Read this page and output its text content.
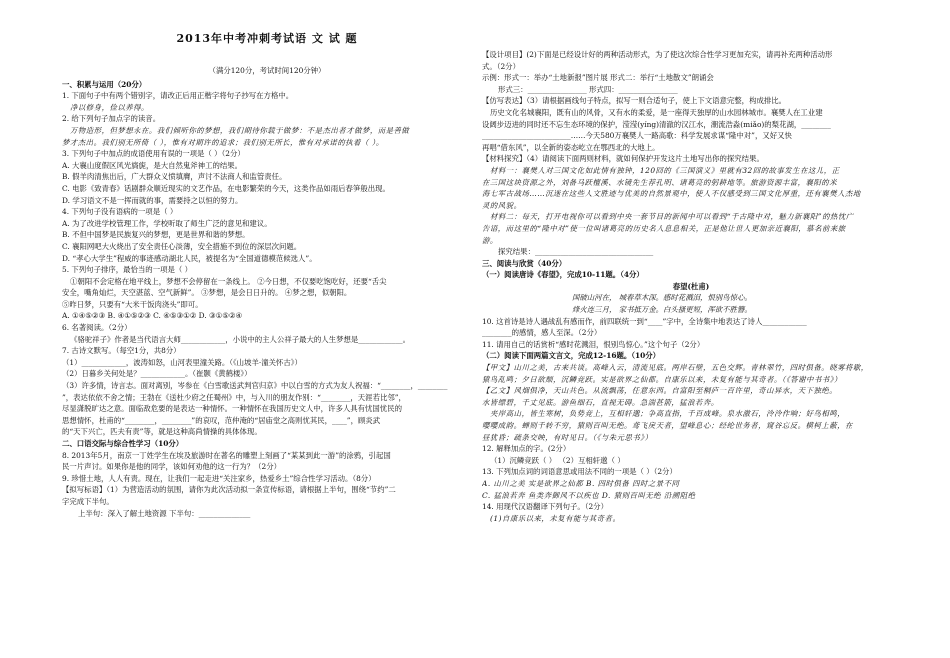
2013年中考冲刺考试语 文 试 题
（满分120分，考试时间120分钟）
一、积累与运用（20分）
1. 下面句子中有两个错别字，请改正后用正楷字将句子抄写在方格中。
净以修身，俭以养得。
2. 给下列句子加点字的读音。
万物造形，但梦想永在。我们倾听你的梦想，我们期待你载于做梦：不是杰出者才做梦，而是善做
梦才杰出。我们别无所倚（ ），惟有对期许的追求；我们别无所长，惟有对承诺的执着（ ）。
3. 下列句子中加点的成语使用有误的一项是（ ）（2分）
A. 大襄山度假区风光旖旎，是大自然鬼斧神工的结果。
B. 假羊肉清焦出后，广大群众义愤填膺，声讨不法商人和监管责任。
C. 电影《致青春》话剧群众顺近现实的文艺作品，在电影繁荣的今天，这类作品如雨后春笋般出现。
D. 学习语文不是一挥而就的事，需要持之以恒的努力。
4. 下列句子没有语病的一项是（ ）
A. 为了改进学校管理工作，学校听取了师生广泛的意见和建议。
B. 不但中国梦是民族复兴的梦想，更是世界和谐的梦想。
C. 襄阳网吧大火烧出了安全责任心淡薄，安全措施不到位的深层次问题。
D. “孝心大学生”程威的事迹感动湖北人民，被提名为“全国道德模范候选人”。
5. 下列句子排序，最恰当的一项是（ ）
①朝阳不会定格在地平线上，梦想不会停留在一条线上。 ②今日想，不仅要吃饱吃好，还要“舌尖
安全，嘴角灿烂，天空湛蓝、空气新鲜”。 ③梦想，是会日日升的。 ④梦之想，似朝阳。
⑤昨日梦，只要有“大米干饭肉浇头”即可。
A. ①④⑤②③ B. ④①⑤②③ C. ④⑤③①② D. ③①⑤②④
6. 名著阅读。（2分）
《骆驼祥子》作者是当代语言大师____________，小说中的主人公祥子最大的人生梦想是____________。
7. 古诗文默写。（每空1分，共8分）
（1）____________，波涛如怒，山河表里潼关路。（《山坡羊·潼关怀古》）
（2）日暮乡关何处是？____________。（崔颢《黄鹤楼》）
（3）许多情，诗言志。面对离别，岑参在《白雪歌送武判官归京》中以白雪的方式为友人祝福：“________，________
”，表达依依不舍之情；王勃在《送杜少府之任蜀州》中，与入川的朋友作别：“________，天涯若比邻”，
尽显潇脱旷达之意。面临敌危要的是表达一种情怀。一种情怀在我国历史文人中，许多人具有忧国忧民的
思想情怀，杜甫的“________，________”的哀叹，范仲淹的“居庙堂之高则忧其民，____”，顾炎武
的“天下兴亡，匹夫有责”等，就是这种高尚情操的具体体现。
二、口语交际与综合性学习（10分）
8. 2013年5月，南京一丁姓学生在埃及旅游时在著名的雕塑上刻画了“某某到此一游”的涂鸦，引起国
民一片声讨。如果你是他的同学，该如何劝他的这一行为？（2分）
9. 珍惜土地，人人有责。现在，让我们一起走进“关注家乡，热爱乡土”综合性学习活动。（8分）
【拟写标语】（1）为营造活动的氛围，请你为此次活动拟一条宣传标语，请根据上半句，围绕“节约”二
字完成下半句。
上半句：深入了解土地资源 下半句：______________
【设计项目】(2)下面是已经设计好的两种活动形式，为了使这次综合性学习更加充实，请再补充两种活动形
式。（2分）
示例：形式一：举办“土地新报”图片展 形式二：举行“土地散文”朗诵会
形式三：________________ 形式四：________________
【仿写表达】（3）请根据画线句子特点，拟写一则合适句子，使上下文语意完整，构成排比。
历史文化名城襄阳，既有山的风骨，又有水的柔爱，是一座得天独厚的山水园林城市。襄樊人在工业建
设阔步迈进的同时还不忘生态环境的保护，滢滢(yíng)清澈的汉江水，潮流浩淼(miǎo)的梨花湖，________
________________________……今天580万襄樊人一路高歌：科学发展求谋“隆中对”，又好又快
再唱“借东风”，以全新的姿态屹立在鄂西北的大地上。
【材料探究】（4）请阅读下面两则材料，就如何保护开发这片土地写出你的探究结果。
材料一：襄樊人对三国文化如此情有独钟，120回的《三国演义》里就有32回的故事发生在这儿，正
在三国这块资源之外，刘备马跃檀溪、水镜先生荐孔明、诸葛亮的躬耕地等。旅游资源丰富，襄阳的米
海七军古战场……沉迷在这些人文胜迹与优美的自然景观中，使人不仅感受到三国文化厚重，还有襄樊人杰地
灵的风貌。
材料二：每天，打开电视你可以看到中央一套节目的新闻中可以看到“千古隆中对，魅力新襄阳”的热忱广
告语，而这里的“隆中对”使一位叫诸葛亮的历史名人息息相关，正是他让世人更加亲近襄阳，慕名前来旅
游。
探究结果：________________________________
三、阅读与欣赏（40分）
（一）阅读唐诗《春望》，完成10-11题。（4分）
春望(杜甫)
国破山河在， 城春草木深。感时花溅泪，恨别鸟惊心。
烽火连三月， 家书抵万金。白头搔更短，浑欲不胜簪。
10. 这首诗是诗人遇战乱有感而作，前四联统一到“____”字中，全诗集中地表达了诗人____________
________的感情，感人至深。（2分）
11. 请用自己的话赏析“感时花溅泪，恨别鸟惊心。”这个句子（2分）
（二）阅读下面两篇文言文，完成12-16题。（10分）
【甲文】山川之美，古来共谈。高峰入云，清流见底。两岸石壁，五色交辉。青林翠竹，四时俱备。晓雾将歇，
猿鸟乱鸣；夕日欲颓，沉鳞竞跃。实是欲界之仙都。自康乐以来，未复有能与其奇者。（《答谢中书书》）
【乙文】风烟俱净，天山共色。从流飘荡，任意东西。自富阳至桐庐一百许里，奇山异水，天下独绝。
水皆缥碧，千丈见底。游鱼细石，直视无碍。急湍甚箭，猛浪若奔。
夹岸高山，皆生寒树，负势竞上，互相轩邈；争高直指，千百成峰。泉水激石，泠泠作响；好鸟相鸣，
嘤嘤成韵。蝉则千转不穷，猿则百叫无绝。鸢飞戾天者，望峰息心；经纶世务者，窥谷忘反。横柯上蔽，在
昼犹昏；疏条交映，有时见日。（《与朱元思书》）
12. 解释加点的字。(2分）
（1）沉鳞竞跃（ ） （2）互相轩邈（ ）
13. 下列加点词的词语意思或用法不同的一项是（ ）（2分）
A. 山川之美 实是欲界之仙都 B. 四时俱备 四时之景不同
C. 猛浪若奔 鱼类奔御风不以疾也 D. 猿则百叫无绝 沿溯阻绝
14. 用现代汉语翻译下列句子。（2分）
(1)自康乐以来，未复有能与其奇者。
